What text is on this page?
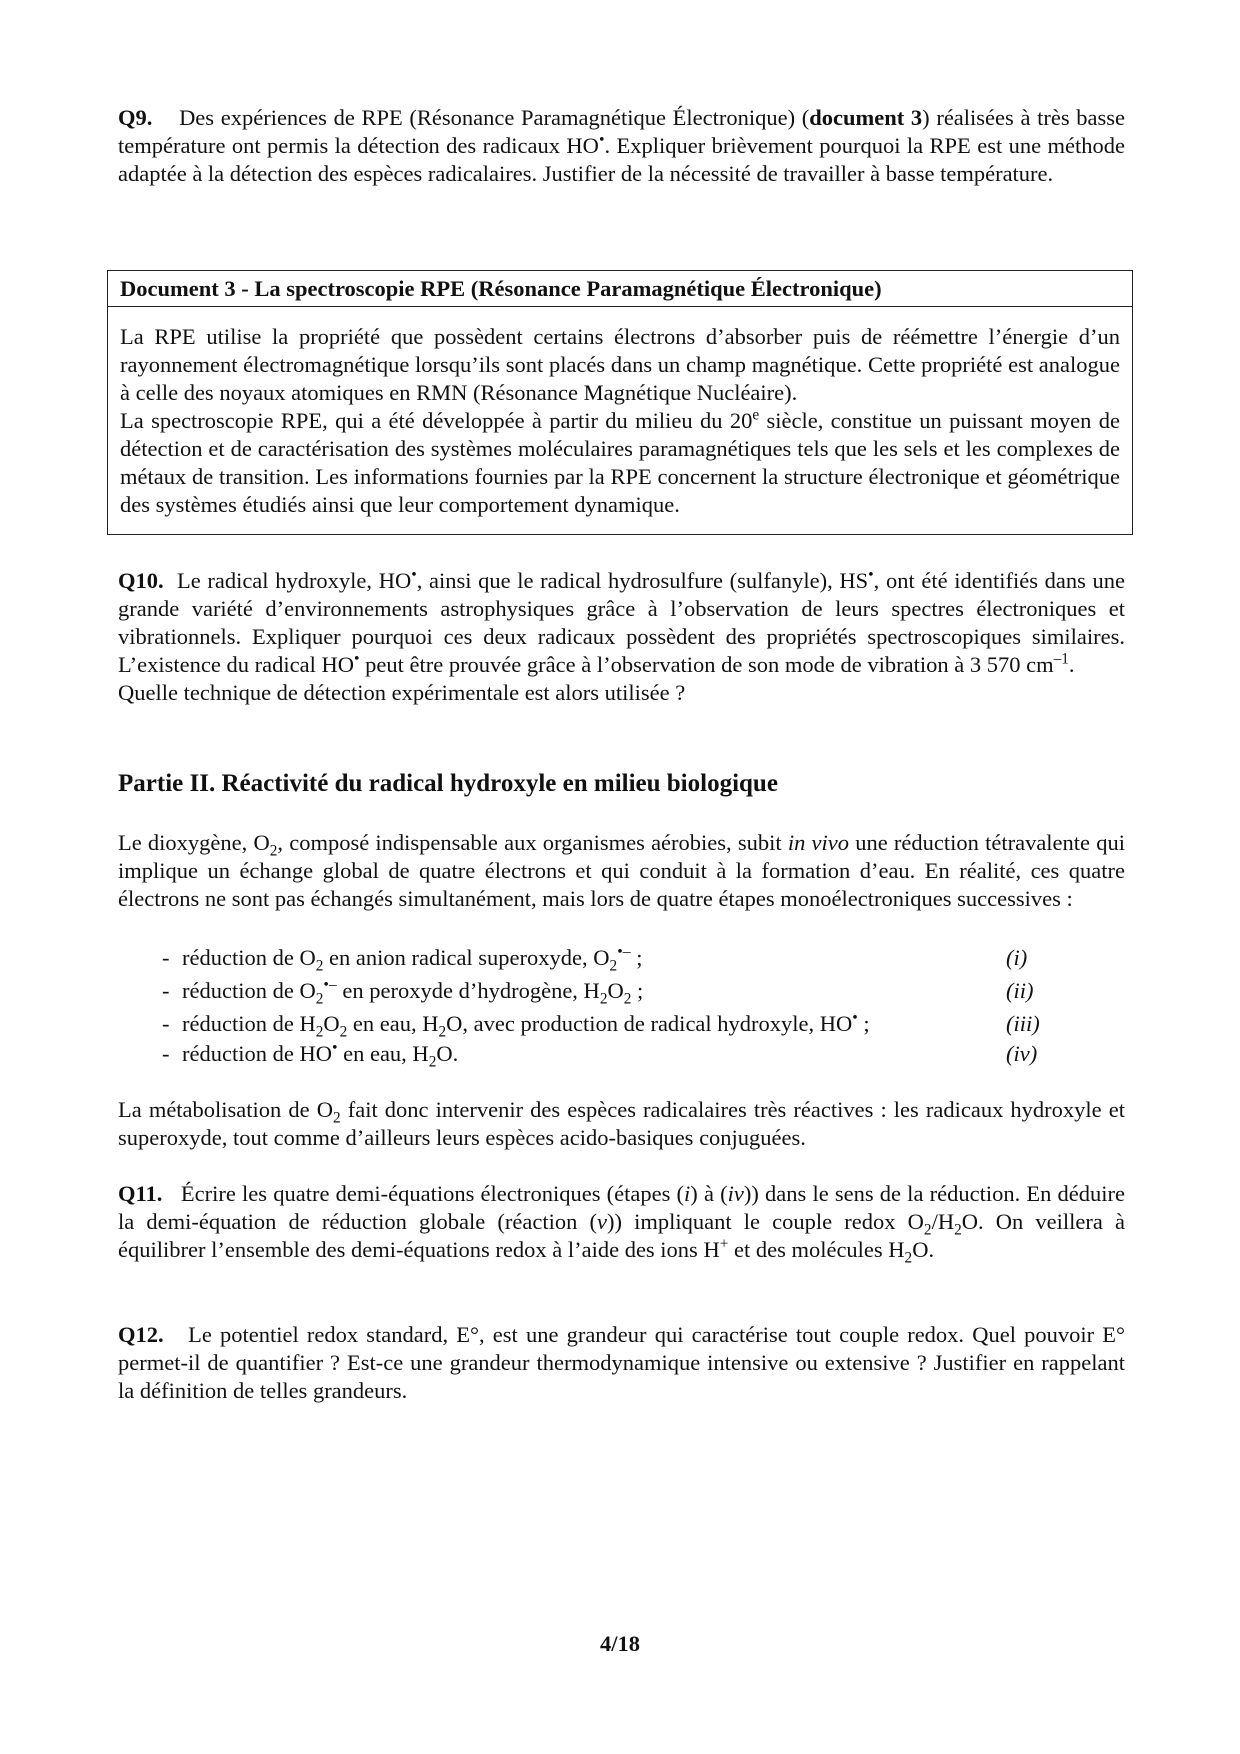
Q9. Des expériences de RPE (Résonance Paramagnétique Électronique) (document 3) réalisées à très basse température ont permis la détection des radicaux HO•. Expliquer brièvement pourquoi la RPE est une méthode adaptée à la détection des espèces radicalaires. Justifier de la nécessité de travailler à basse température.

Document 3 - La spectroscopie RPE (Résonance Paramagnétique Électronique)

La RPE utilise la propriété que possèdent certains électrons d’absorber puis de réémettre l’énergie d’un rayonnement électromagnétique lorsqu’ils sont placés dans un champ magnétique. Cette propriété est analogue à celle des noyaux atomiques en RMN (Résonance Magnétique Nucléaire).

La spectroscopie RPE, qui a été développée à partir du milieu du 20e siècle, constitue un puissant moyen de détection et de caractérisation des systèmes moléculaires paramagnétiques tels que les sels et les complexes de métaux de transition. Les informations fournies par la RPE concernent la structure électronique et géométrique des systèmes étudiés ainsi que leur comportement dynamique.

Q10. Le radical hydroxyle, HO•, ainsi que le radical hydrosulfure (sulfanyle), HS•, ont été identifiés dans une grande variété d’environnements astrophysiques grâce à l’observation de leurs spectres électroniques et vibrationnels. Expliquer pourquoi ces deux radicaux possèdent des propriétés spectroscopiques similaires. L’existence du radical HO• peut être prouvée grâce à l’observation de son mode de vibration à 3 570 $cm^{-1}$.

Quelle technique de détection expérimentale est alors utilisée ?

Partie II. Réactivité du radical hydroxyle en milieu biologique

Le dioxygène, $O_2$, composé indispensable aux organismes aérobies, subit in vivo une réduction tétravalente qui implique un échange global de quatre électrons et qui conduit à la formation d’eau. En réalité, ces quatre électrons ne sont pas échangés simultanément, mais lors de quatre étapes monoélectroniques successives :

- réduction de $O_2$ en anion radical superoxyde, $O_2^{•-}$ ;	(i)
- réduction de $O_2^{•-}$ en peroxyde d’hydrogène, $H_2O_2$ ;	(ii)
- réduction de $H_2O_2$ en eau, $H_2O$, avec production de radical hydroxyle, HO• ;	(iii)
- réduction de HO• en eau, $H_2O$.	(iv)

La métabolisation de $O_2$ fait donc intervenir des espèces radicalaires très réactives : les radicaux hydroxyle et superoxyde, tout comme d’ailleurs leurs espèces acido-basiques conjuguées.

Q11. Écrire les quatre demi-équations électroniques (étapes (i) à (iv)) dans le sens de la réduction. En déduire la demi-équation de réduction globale (réaction (v)) impliquant le couple redox $O_2/H_2O$. On veillera à équilibrer l’ensemble des demi-équations redox à l’aide des ions H+ et des molécules $H_2O$.

Q12. Le potentiel redox standard, E°, est une grandeur qui caractérise tout couple redox. Quel pouvoir E° permet-il de quantifier ? Est-ce une grandeur thermodynamique intensive ou extensive ? Justifier en rappelant la définition de telles grandeurs.

4/18
